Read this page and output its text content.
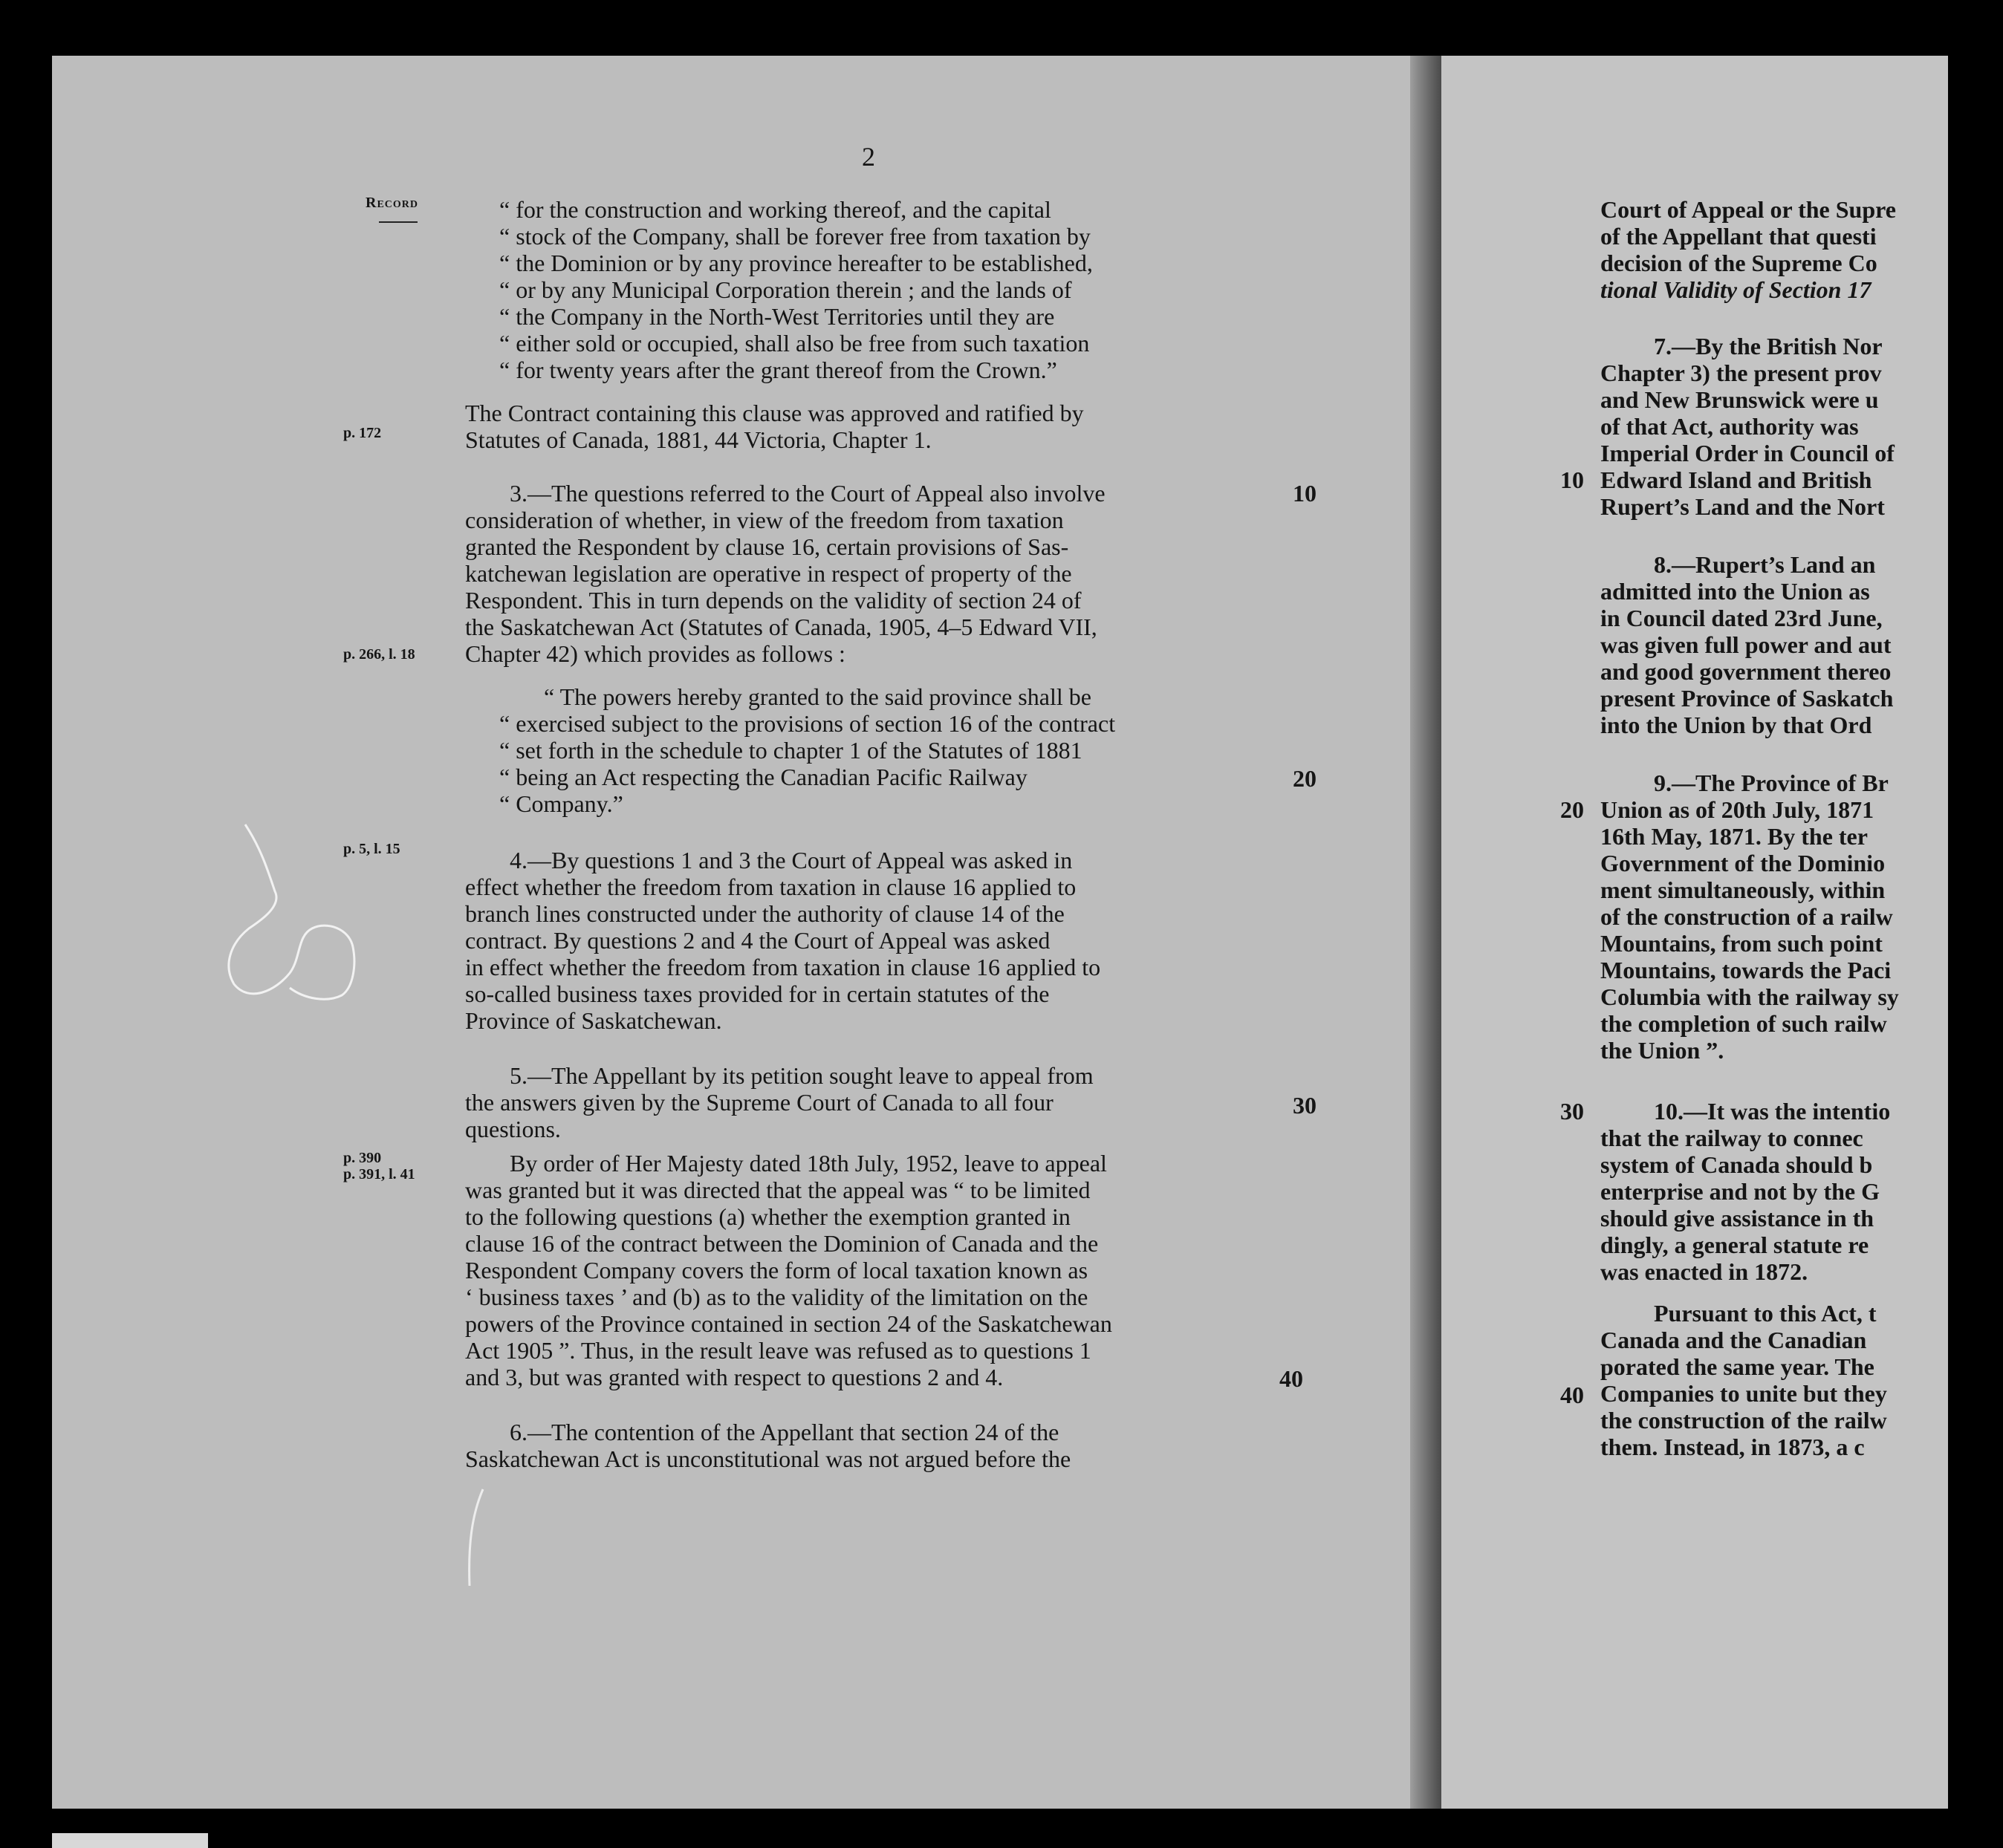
2
Record
p. 172
p. 266, l. 18
p. 5, l. 15
p. 390
p. 391, l. 41
10
20
30
40

“ for the construction and working thereof, and the capital

“ stock of the Company, shall be forever free from taxation by

“ the Dominion or by any province hereafter to be established,

“ or by any Municipal Corporation therein ; and the lands of

“ the Company in the North-West Territories until they are

“ either sold or occupied, shall also be free from such taxation

“ for twenty years after the grant thereof from the Crown.”

The Contract containing this clause was approved and ratified by

Statutes of Canada, 1881, 44 Victoria, Chapter 1.

3.—The questions referred to the Court of Appeal also involve

consideration of whether, in view of the freedom from taxation

granted the Respondent by clause 16, certain provisions of Sas-

katchewan legislation are operative in respect of property of the

Respondent. This in turn depends on the validity of section 24 of

the Saskatchewan Act (Statutes of Canada, 1905, 4–5 Edward VII,

Chapter 42) which provides as follows :

“ The powers hereby granted to the said province shall be

“ exercised subject to the provisions of section 16 of the contract

“ set forth in the schedule to chapter 1 of the Statutes of 1881

“ being an Act respecting the Canadian Pacific Railway

“ Company.”

4.—By questions 1 and 3 the Court of Appeal was asked in

effect whether the freedom from taxation in clause 16 applied to

branch lines constructed under the authority of clause 14 of the

contract. By questions 2 and 4 the Court of Appeal was asked

in effect whether the freedom from taxation in clause 16 applied to

so-called business taxes provided for in certain statutes of the

Province of Saskatchewan.

5.—The Appellant by its petition sought leave to appeal from

the answers given by the Supreme Court of Canada to all four

questions.

By order of Her Majesty dated 18th July, 1952, leave to appeal

was granted but it was directed that the appeal was “ to be limited

to the following questions (a) whether the exemption granted in

clause 16 of the contract between the Dominion of Canada and the

Respondent Company covers the form of local taxation known as

‘ business taxes ’ and (b) as to the validity of the limitation on the

powers of the Province contained in section 24 of the Saskatchewan

Act 1905 ”. Thus, in the result leave was refused as to questions 1

and 3, but was granted with respect to questions 2 and 4.

6.—The contention of the Appellant that section 24 of the

Saskatchewan Act is unconstitutional was not argued before the

10
20
30
40

Court of Appeal or the Supre

of the Appellant that questi

decision of the Supreme Co

tional Validity of Section 17

7.—By the British Nor

Chapter 3) the present prov

and New Brunswick were u

of that Act, authority was

Imperial Order in Council of

Edward Island and British

Rupert’s Land and the Nort

8.—Rupert’s Land an

admitted into the Union as

in Council dated 23rd June,

was given full power and aut

and good government thereo

present Province of Saskatch

into the Union by that Ord

9.—The Province of Br

Union as of 20th July, 1871

16th May, 1871. By the ter

Government of the Dominio

ment simultaneously, within

of the construction of a railw

Mountains, from such point

Mountains, towards the Paci

Columbia with the railway sy

the completion of such railw

the Union ”.

10.—It was the intentio

that the railway to connec

system of Canada should b

enterprise and not by the G

should give assistance in th

dingly, a general statute re

was enacted in 1872.

Pursuant to this Act, t

Canada and the Canadian

porated the same year. The

Companies to unite but they

the construction of the railw

them. Instead, in 1873, a c
